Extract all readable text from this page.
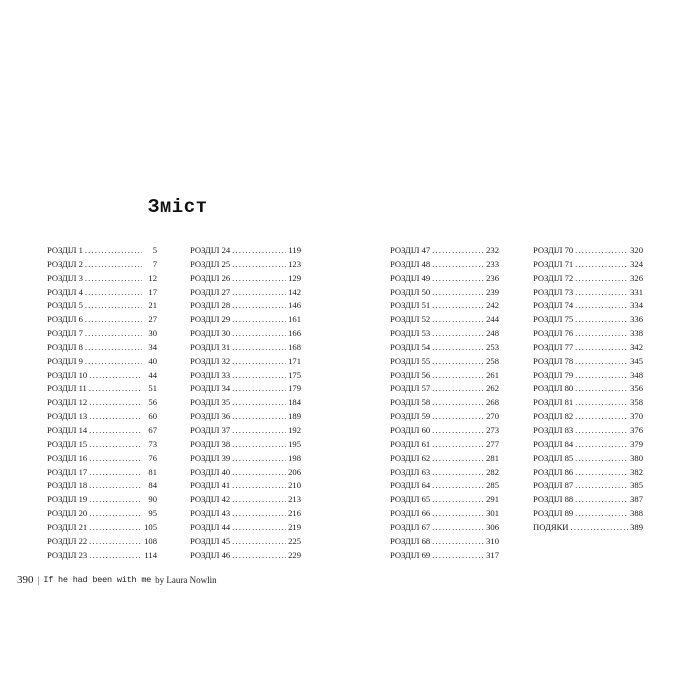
Зміст
РОЗДІЛ 1 . . .	5
РОЗДІЛ 2 . . .	7
РОЗДІЛ 3 . . .	12
РОЗДІЛ 4 . . .	17
РОЗДІЛ 5 . . .	21
РОЗДІЛ 6 . . .	27
РОЗДІЛ 7 . . .	30
РОЗДІЛ 8 . . .	34
РОЗДІЛ 9 . . .	40
РОЗДІЛ 10 . . .	44
РОЗДІЛ 11 . . .	51
РОЗДІЛ 12 . . .	56
РОЗДІЛ 13 . . .	60
РОЗДІЛ 14 . . .	67
РОЗДІЛ 15 . . .	73
РОЗДІЛ 16 . . .	76
РОЗДІЛ 17 . . .	81
РОЗДІЛ 18 . . .	84
РОЗДІЛ 19 . . .	90
РОЗДІЛ 20 . . .	95
РОЗДІЛ 21 . . .	105
РОЗДІЛ 22 . . .	108
РОЗДІЛ 23 . . .	114
РОЗДІЛ 24 . . .	119
РОЗДІЛ 25 . . .	123
РОЗДІЛ 26 . . .	129
РОЗДІЛ 27 . . .	142
РОЗДІЛ 28 . . .	146
РОЗДІЛ 29 . . .	161
РОЗДІЛ 30 . . .	166
РОЗДІЛ 31 . . .	168
РОЗДІЛ 32 . . .	171
РОЗДІЛ 33 . . .	175
РОЗДІЛ 34 . . .	179
РОЗДІЛ 35 . . .	184
РОЗДІЛ 36 . . .	189
РОЗДІЛ 37 . . .	192
РОЗДІЛ 38 . . .	195
РОЗДІЛ 39 . . .	198
РОЗДІЛ 40 . . .	206
РОЗДІЛ 41 . . .	210
РОЗДІЛ 42 . . .	213
РОЗДІЛ 43 . . .	216
РОЗДІЛ 44 . . .	219
РОЗДІЛ 45 . . .	225
РОЗДІЛ 46 . . .	229
РОЗДІЛ 47 . . .	232
РОЗДІЛ 48 . . .	233
РОЗДІЛ 49 . . .	236
РОЗДІЛ 50 . . .	239
РОЗДІЛ 51 . . .	242
РОЗДІЛ 52 . . .	244
РОЗДІЛ 53 . . .	248
РОЗДІЛ 54 . . .	253
РОЗДІЛ 55 . . .	258
РОЗДІЛ 56 . . .	261
РОЗДІЛ 57 . . .	262
РОЗДІЛ 58 . . .	268
РОЗДІЛ 59 . . .	270
РОЗДІЛ 60 . . .	273
РОЗДІЛ 61 . . .	277
РОЗДІЛ 62 . . .	281
РОЗДІЛ 63 . . .	282
РОЗДІЛ 64 . . .	285
РОЗДІЛ 65 . . .	291
РОЗДІЛ 66 . . .	301
РОЗДІЛ 67 . . .	306
РОЗДІЛ 68 . . .	310
РОЗДІЛ 69 . . .	317
РОЗДІЛ 70 . . .	320
РОЗДІЛ 71 . . .	324
РОЗДІЛ 72 . . .	326
РОЗДІЛ 73 . . .	331
РОЗДІЛ 74 . . .	334
РОЗДІЛ 75 . . .	336
РОЗДІЛ 76 . . .	338
РОЗДІЛ 77 . . .	342
РОЗДІЛ 78 . . .	345
РОЗДІЛ 79 . . .	348
РОЗДІЛ 80 . . .	356
РОЗДІЛ 81 . . .	358
РОЗДІЛ 82 . . .	370
РОЗДІЛ 83 . . .	376
РОЗДІЛ 84 . . .	379
РОЗДІЛ 85 . . .	380
РОЗДІЛ 86 . . .	382
РОЗДІЛ 87 . . .	385
РОЗДІЛ 88 . . .	387
РОЗДІЛ 89 . . .	388
ПОДЯКИ . . .	389
390 | If he had been with me by Laura Nowlin
